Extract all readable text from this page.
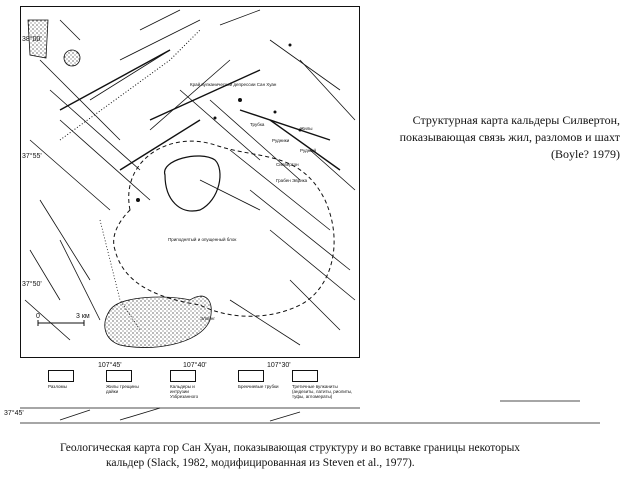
38°00'
37°55'
37°50'
37°45'
107°45'	107°40'	107°30'
0	3 км
Край вулканической депрессии Сан Хуан
Приподнятый и опущенный блок
Трубка
Силвертон
Грабен Эврика
Рудники
Эллинг
Жилы
Рудный
Разломы	Жилы трещины дайки
Кальдеры и интрузии Узбрезанного
Брекчиевые трубки	Третичные вулканиты (андезиты, латиты, риолиты, туфы, агломераты)
Структурная карта кальдеры Силвертон, показывающая связь жил, разломов и шахт (Boyle? 1979)
Геологическая карта гор Сан Хуан, показывающая структуру и во вставке границы некоторых
кальдер (Slack, 1982, модифицированная из Steven et al., 1977).
